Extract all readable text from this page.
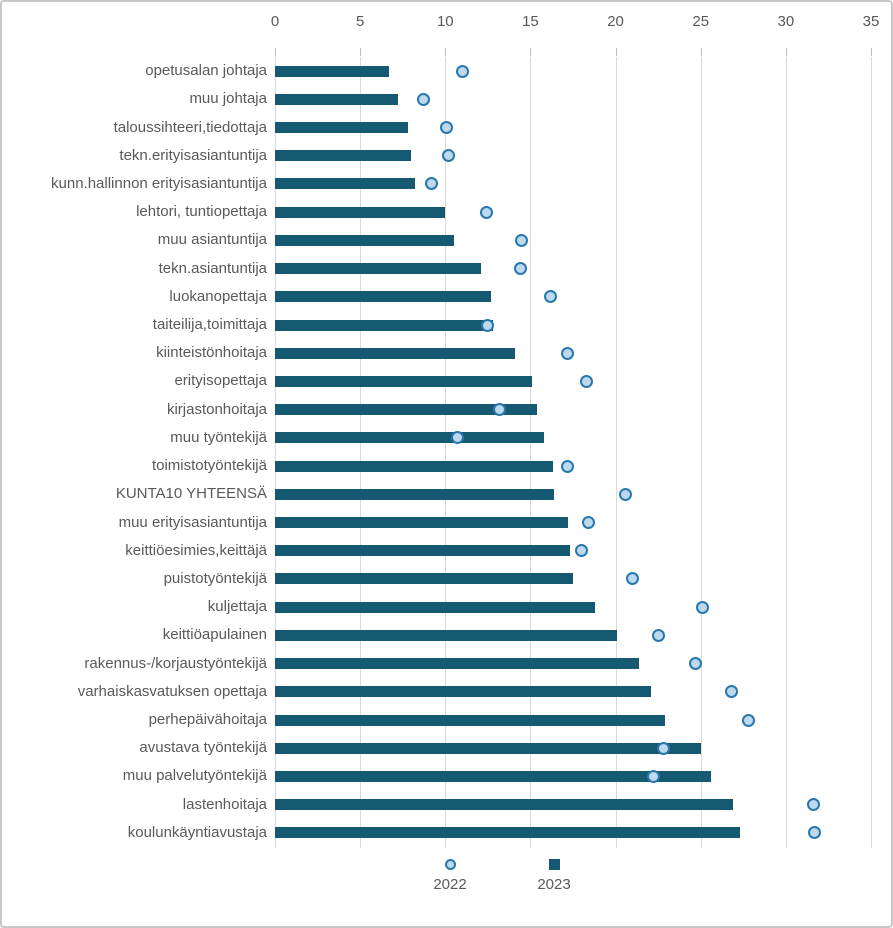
0	5	10	15	20	25	30	35
opetusalan johtaja
muu johtaja
taloussihteeri,tiedottaja
tekn.erityisasiantuntija
kunn.hallinnon erityisasiantuntija
lehtori, tuntiopettaja
muu asiantuntija
tekn.asiantuntija
luokanopettaja
taiteilija,toimittaja
kiinteistönhoitaja
erityisopettaja
kirjastonhoitaja
muu työntekijä
toimistotyöntekijä
KUNTA10 YHTEENSÄ
muu erityisasiantuntija
keittiöesimies,keittäjä
puistotyöntekijä
kuljettaja
keittiöapulainen
rakennus-/korjaustyöntekijä
varhaiskasvatuksen opettaja
perhepäivähoitaja
avustava työntekijä
muu palvelutyöntekijä
lastenhoitaja
koulunkäyntiavustaja
2022	2023
